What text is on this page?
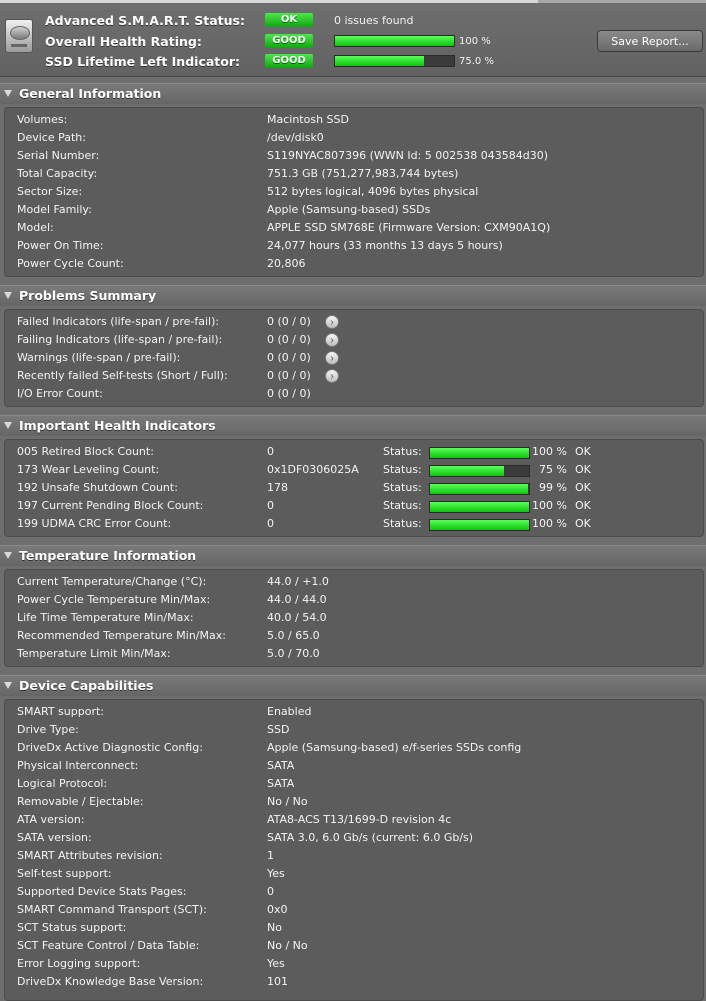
Advanced S.M.A.R.T. Status:	OK	0 issues found
Overall Health Rating:	GOOD	100 %
SSD Lifetime Left Indicator:	GOOD	75.0 %
Save Report...
General Information
Volumes:	Macintosh SSD
Device Path:	/dev/disk0
Serial Number:	S119NYAC807396 (WWN Id: 5 002538 043584d30)
Total Capacity:	751.3 GB (751,277,983,744 bytes)
Sector Size:	512 bytes logical, 4096 bytes physical
Model Family:	Apple (Samsung-based) SSDs
Model:	APPLE SSD SM768E (Firmware Version: CXM90A1Q)
Power On Time:	24,077 hours (33 months 13 days 5 hours)
Power Cycle Count:	20,806
Problems Summary
Failed Indicators (life-span / pre-fail):	0 (0 / 0)	›
Failing Indicators (life-span / pre-fail):	0 (0 / 0)	›
Warnings (life-span / pre-fail):	0 (0 / 0)	›
Recently failed Self-tests (Short / Full):	0 (0 / 0)	›
I/O Error Count:	0 (0 / 0)
Important Health Indicators
005 Retired Block Count:	0	Status:	100 % OK
173 Wear Leveling Count:	0x1DF0306025A Status:	75 % OK
192 Unsafe Shutdown Count:	178	Status:	99 % OK
197 Current Pending Block Count:	0	Status:	100 % OK
199 UDMA CRC Error Count:	0	Status:	100 % OK
Temperature Information
Current Temperature/Change (°C):	44.0 / +1.0
Power Cycle Temperature Min/Max:	44.0 / 44.0
Life Time Temperature Min/Max:	40.0 / 54.0
Recommended Temperature Min/Max:	5.0 / 65.0
Temperature Limit Min/Max:	5.0 / 70.0
Device Capabilities
SMART support:	Enabled
Drive Type:	SSD
DriveDx Active Diagnostic Config:	Apple (Samsung-based) e/f-series SSDs config
Physical Interconnect:	SATA
Logical Protocol:	SATA
Removable / Ejectable:	No / No
ATA version:	ATA8-ACS T13/1699-D revision 4c
SATA version:	SATA 3.0, 6.0 Gb/s (current: 6.0 Gb/s)
SMART Attributes revision:	1
Self-test support:	Yes
Supported Device Stats Pages:	0
SMART Command Transport (SCT):	0x0
SCT Status support:	No
SCT Feature Control / Data Table:	No / No
Error Logging support:	Yes
DriveDx Knowledge Base Version:	101
